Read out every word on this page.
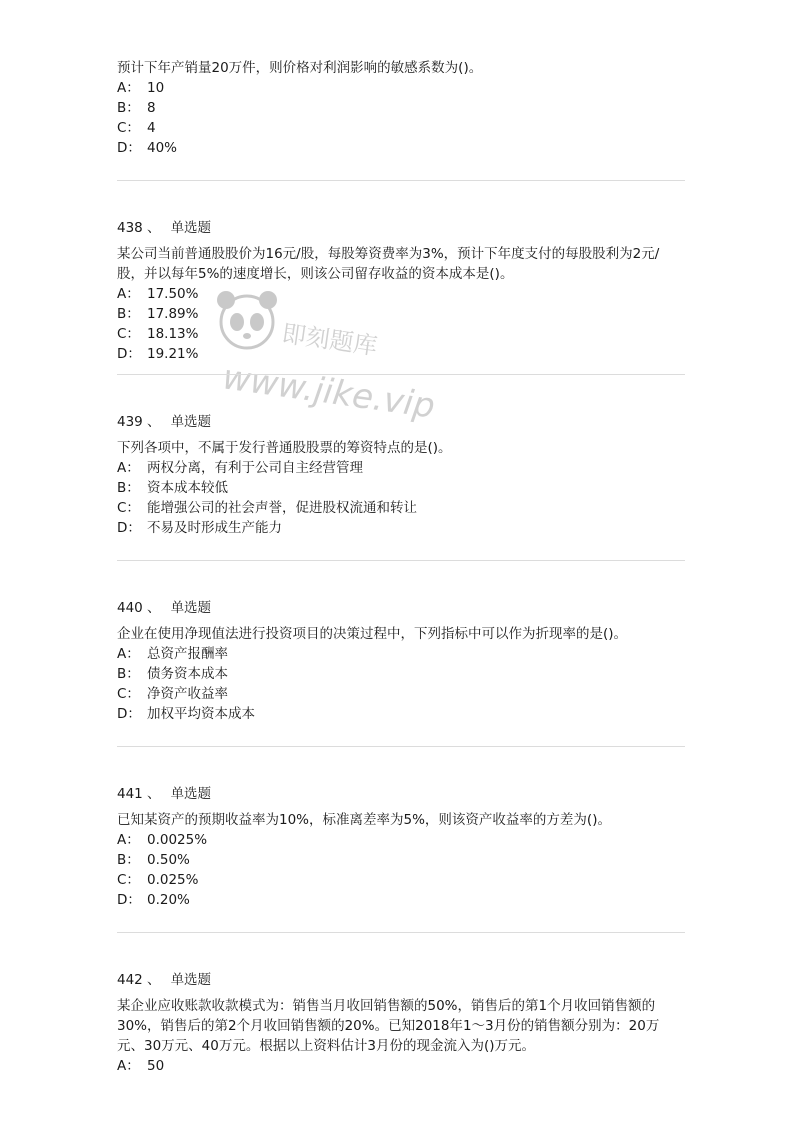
即刻题库
www.jike.vip
预计下年产销量20万件，则价格对利润影响的敏感系数为()。
A： 10
B： 8
C： 4
D： 40%
438 、 单选题
某公司当前普通股股价为16元/股，每股筹资费率为3%，预计下年度支付的每股股利为2元/股，并以每年5%的速度增长，则该公司留存收益的资本成本是()。
A： 17.50%
B： 17.89%
C： 18.13%
D： 19.21%
439 、 单选题
下列各项中，不属于发行普通股股票的筹资特点的是()。
A： 两权分离，有利于公司自主经营管理
B： 资本成本较低
C： 能增强公司的社会声誉，促进股权流通和转让
D： 不易及时形成生产能力
440 、 单选题
企业在使用净现值法进行投资项目的决策过程中，下列指标中可以作为折现率的是()。
A： 总资产报酬率
B： 债务资本成本
C： 净资产收益率
D： 加权平均资本成本
441 、 单选题
已知某资产的预期收益率为10%，标准离差率为5%，则该资产收益率的方差为()。
A： 0.0025%
B： 0.50%
C： 0.025%
D： 0.20%
442 、 单选题
某企业应收账款收款模式为：销售当月收回销售额的50%，销售后的第1个月收回销售额的30%，销售后的第2个月收回销售额的20%。已知2018年1～3月份的销售额分别为：20万元、30万元、40万元。根据以上资料估计3月份的现金流入为()万元。
A： 50
